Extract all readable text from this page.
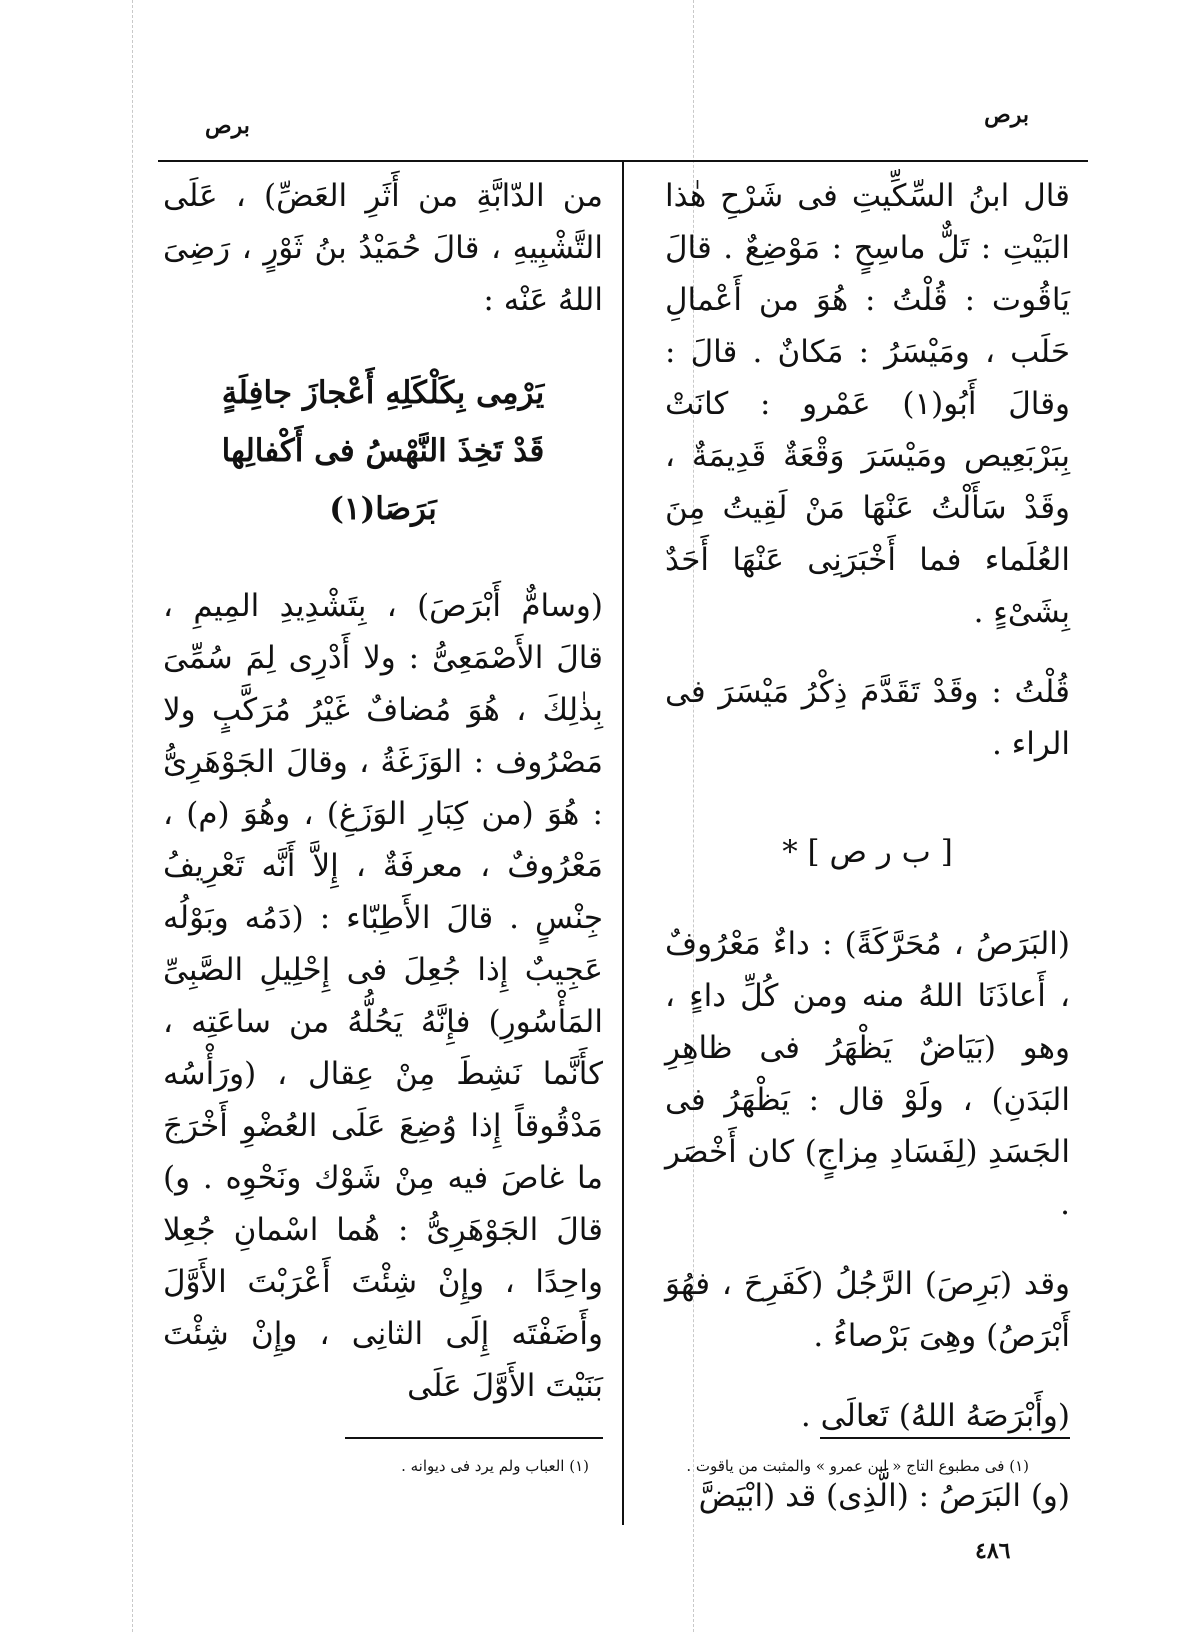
برص
برص

قال ابنُ السِّكِّيتِ فى شَرْحِ هٰذا البَيْتِ : تَلٌّ ماسِحٍ : مَوْضِعٌ . قالَ يَاقُوت : قُلْتُ : هُوَ من أَعْمالِ حَلَب ، ومَيْسَرُ : مَكانٌ . قالَ : وقالَ أَبُو(١) عَمْرو : كانَتْ بِبَرْبَعِيص ومَيْسَرَ وَقْعَةٌ قَدِيمَةٌ ، وقَدْ سَأَلْتُ عَنْهَا مَنْ لَقِيتُ مِنَ العُلَماء فما أَخْبَرَنِى عَنْهَا أَحَدٌ بِشَىْءٍ .

قُلْتُ : وقَدْ تَقَدَّمَ ذِكْرُ مَيْسَرَ فى الراء .

[ ب ر ص ] *

(البَرَصُ ، مُحَرَّكَةً) : داءٌ مَعْرُوفٌ ، أَعاذَنَا اللهُ منه ومن كُلِّ داءٍ ، وهو (بَيَاضٌ يَظْهَرُ فى ظاهِرِ البَدَنِ) ، ولَوْ قال : يَظْهَرُ فى الجَسَدِ (لِفَسَادِ مِزاجٍ) كان أَخْصَر .

وقد (بَرِصَ) الرَّجُلُ (كَفَرِحَ ، فهُوَ أَبْرَصُ) وهِىَ بَرْصاءُ .

(وأَبْرَصَهُ اللهُ) تَعالَى .

(و) البَرَصُ : (الَّذِى) قد (ابْيَضَّ

من الدّابَّةِ من أَثَرِ العَضِّ) ، عَلَى التَّشْبِيهِ ، قالَ حُمَيْدُ بنُ ثَوْرٍ ، رَضِىَ اللهُ عَنْه :

يَرْمِى بِكَلْكَلِهِ أَعْجازَ جافِلَةٍ
قَدْ تَخِذَ النَّهْسُ فى أَكْفالِها بَرَصَا(١)

(وسامٌّ أَبْرَصَ) ، بِتَشْدِيدِ المِيمِ ، قالَ الأَصْمَعِىُّ : ولا أَدْرِى لِمَ سُمِّىَ بِذٰلِكَ ، هُوَ مُضافٌ غَيْرُ مُرَكَّبٍ ولا مَصْرُوف : الوَزَغَةُ ، وقالَ الجَوْهَرِىُّ : هُوَ (من كِبَارِ الوَزَغِ) ، وهُوَ (م) ، مَعْرُوفٌ ، معرفَةٌ ، إِلاَّ أَنَّه تَعْرِيفُ جِنْسٍ . قالَ الأَطِبّاء : (دَمُه وبَوْلُه عَجِيبٌ إِذا جُعِلَ فى إِحْلِيلِ الصَّبِىِّ المَأْسُورِ) فإِنَّهُ يَحُلُّهُ من ساعَتِه ، كأَنَّما نَشِطَ مِنْ عِقال ، (ورَأْسُه مَدْقُوقاً إِذا وُضِعَ عَلَى العُضْوِ أَخْرَجَ ما غاصَ فيه مِنْ شَوْك ونَحْوِه . و) قالَ الجَوْهَرِىُّ : هُما اسْمانِ جُعِلا واحِدًا ، وإِنْ شِئْتَ أَعْرَبْتَ الأَوَّلَ وأَضَفْتَه إِلَى الثانِى ، وإِنْ شِئْتَ بَنَيْتَ الأَوَّلَ عَلَى

(١) فى مطبوع التاج « ابن عمرو » والمثبت من ياقوت .
(١) العباب ولم يرد فى ديوانه .
٤٨٦
